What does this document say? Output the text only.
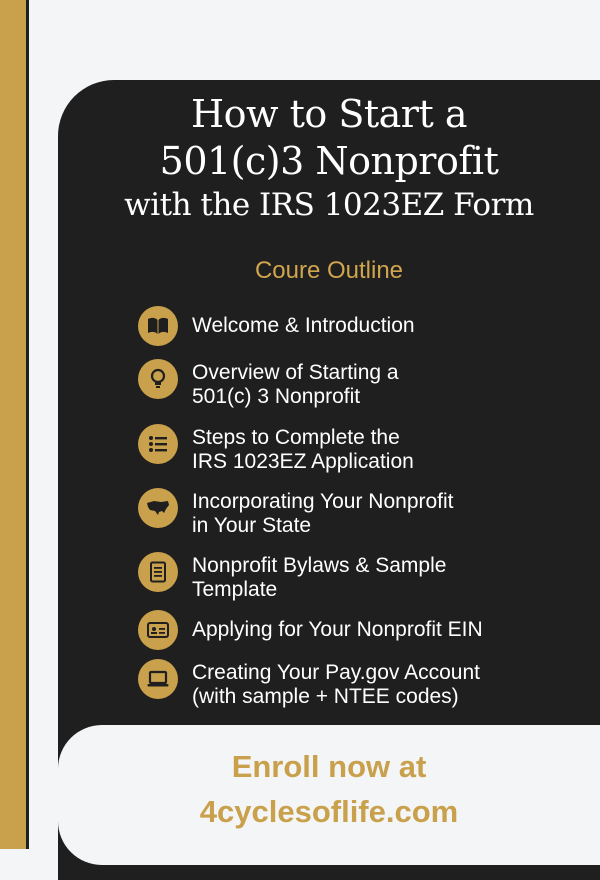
How to Start a
501(c)3 Nonprofit
with the IRS 1023EZ Form
Coure Outline
Welcome & Introduction
Overview of Starting a
501(c) 3 Nonprofit
Steps to Complete the
IRS 1023EZ Application
Incorporating Your Nonprofit
in Your State
Nonprofit Bylaws & Sample
Template
Applying for Your Nonprofit EIN
Creating Your Pay.gov Account
(with sample + NTEE codes)
Enroll now at
4cyclesoflife.com
